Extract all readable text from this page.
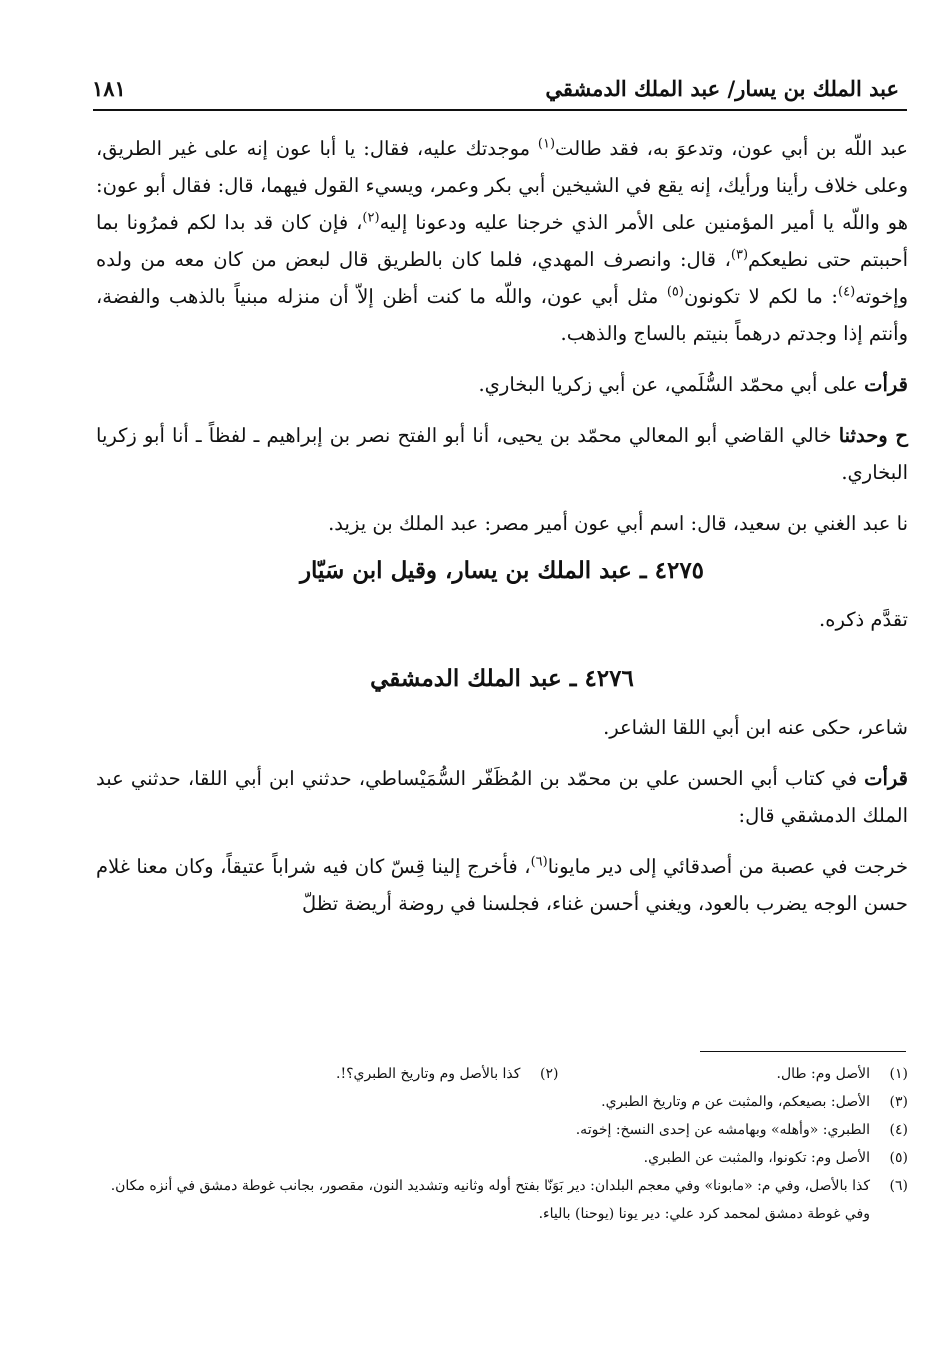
عبد الملك بن يسار/ عبد الملك الدمشقي
١٨١

عبد اللّه بن أبي عون، وتدعوَ به، فقد طالت$^{(١)}$ موجدتك عليه، فقال: يا أبا عون إنه على غير الطريق، وعلى خلاف رأينا ورأيك، إنه يقع في الشيخين أبي بكر وعمر، ويسيء القول فيهما، قال: فقال أبو عون: هو واللّه يا أمير المؤمنين على الأمر الذي خرجنا عليه ودعونا إليه$^{(٢)}$، فإن كان قد بدا لكم فمرُونا بما أحببتم حتى نطيعكم$^{(٣)}$، قال: وانصرف المهدي، فلما كان بالطريق قال لبعض من كان معه من ولده وإخوته$^{(٤)}$: ما لكم لا تكونون$^{(٥)}$ مثل أبي عون، واللّه ما كنت أظن إلاّ أن منزله مبنياً بالذهب والفضة، وأنتم إذا وجدتم درهماً بنيتم بالساج والذهب.

قرأت على أبي محمّد السُّلَمي، عن أبي زكريا البخاري.

ح وحدثنا خالي القاضي أبو المعالي محمّد بن يحيى، أنا أبو الفتح نصر بن إبراهيم ـ لفظاً ـ أنا أبو زكريا البخاري.

نا عبد الغني بن سعيد، قال: اسم أبي عون أمير مصر: عبد الملك بن يزيد.

٤٢٧٥ ـ عبد الملك بن يسار، وقيل ابن سَيّار

تقدَّم ذكره.

٤٢٧٦ ـ عبد الملك الدمشقي

شاعر، حكى عنه ابن أبي اللقا الشاعر.

قرأت في كتاب أبي الحسن علي بن محمّد بن المُظَفّر السُّمَيْساطي، حدثني ابن أبي اللقا، حدثني عبد الملك الدمشقي قال:

خرجت في عصبة من أصدقائي إلى دير مايونا$^{(٦)}$، فأخرج إلينا قِسّ كان فيه شراباً عتيقاً، وكان معنا غلام حسن الوجه يضرب بالعود، ويغني أحسن غناء، فجلسنا في روضة أريضة تظلّ

(١)
الأصل وم: طال.
(٢)
كذا بالأصل وم وتاريخ الطبري؟!.
(٣)
الأصل: بصيعكم، والمثبت عن م وتاريخ الطبري.
(٤)
الطبري: «وأهله» وبهامشه عن إحدى النسخ: إخوته.
(٥)
الأصل وم: تكونوا، والمثبت عن الطبري.
(٦)
كذا بالأصل، وفي م: «مابونا» وفي معجم البلدان: دير بَوَنّا بفتح أوله وثانيه وتشديد النون، مقصور، بجانب غوطة دمشق في أنزه مكان.
وفي غوطة دمشق لمحمد كرد علي: دير يونا (يوحنا) بالياء.
